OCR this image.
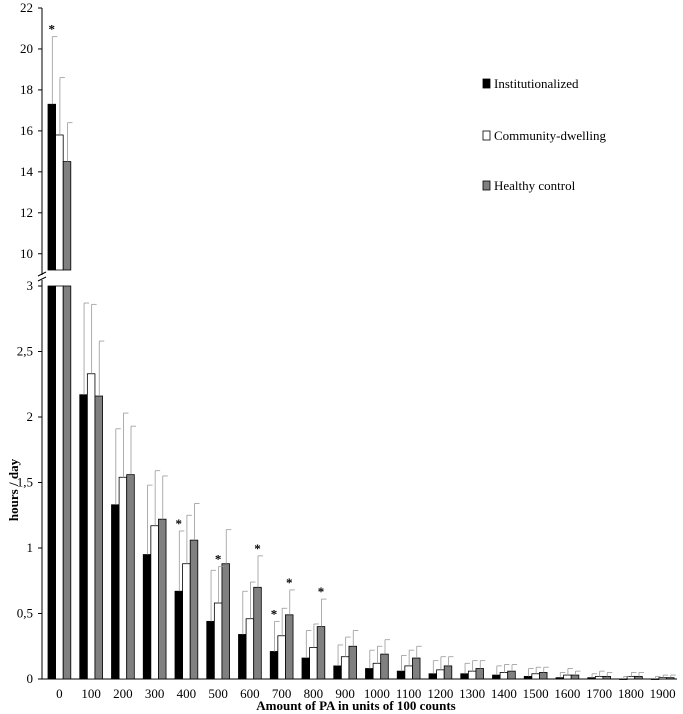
*
*
*
*
*
*
*
0
0,5
1
1,5
2
2,5
3
10
12
14
16
18
20
22
0 100 200 300 400 500 600 700 800 900 1000 1100 1200 1300 1400 1500 1600 1700 1800 1900
Institutionalized
Community-dwelling
Healthy control
Amount of PA in units of 100 counts
hours / day
